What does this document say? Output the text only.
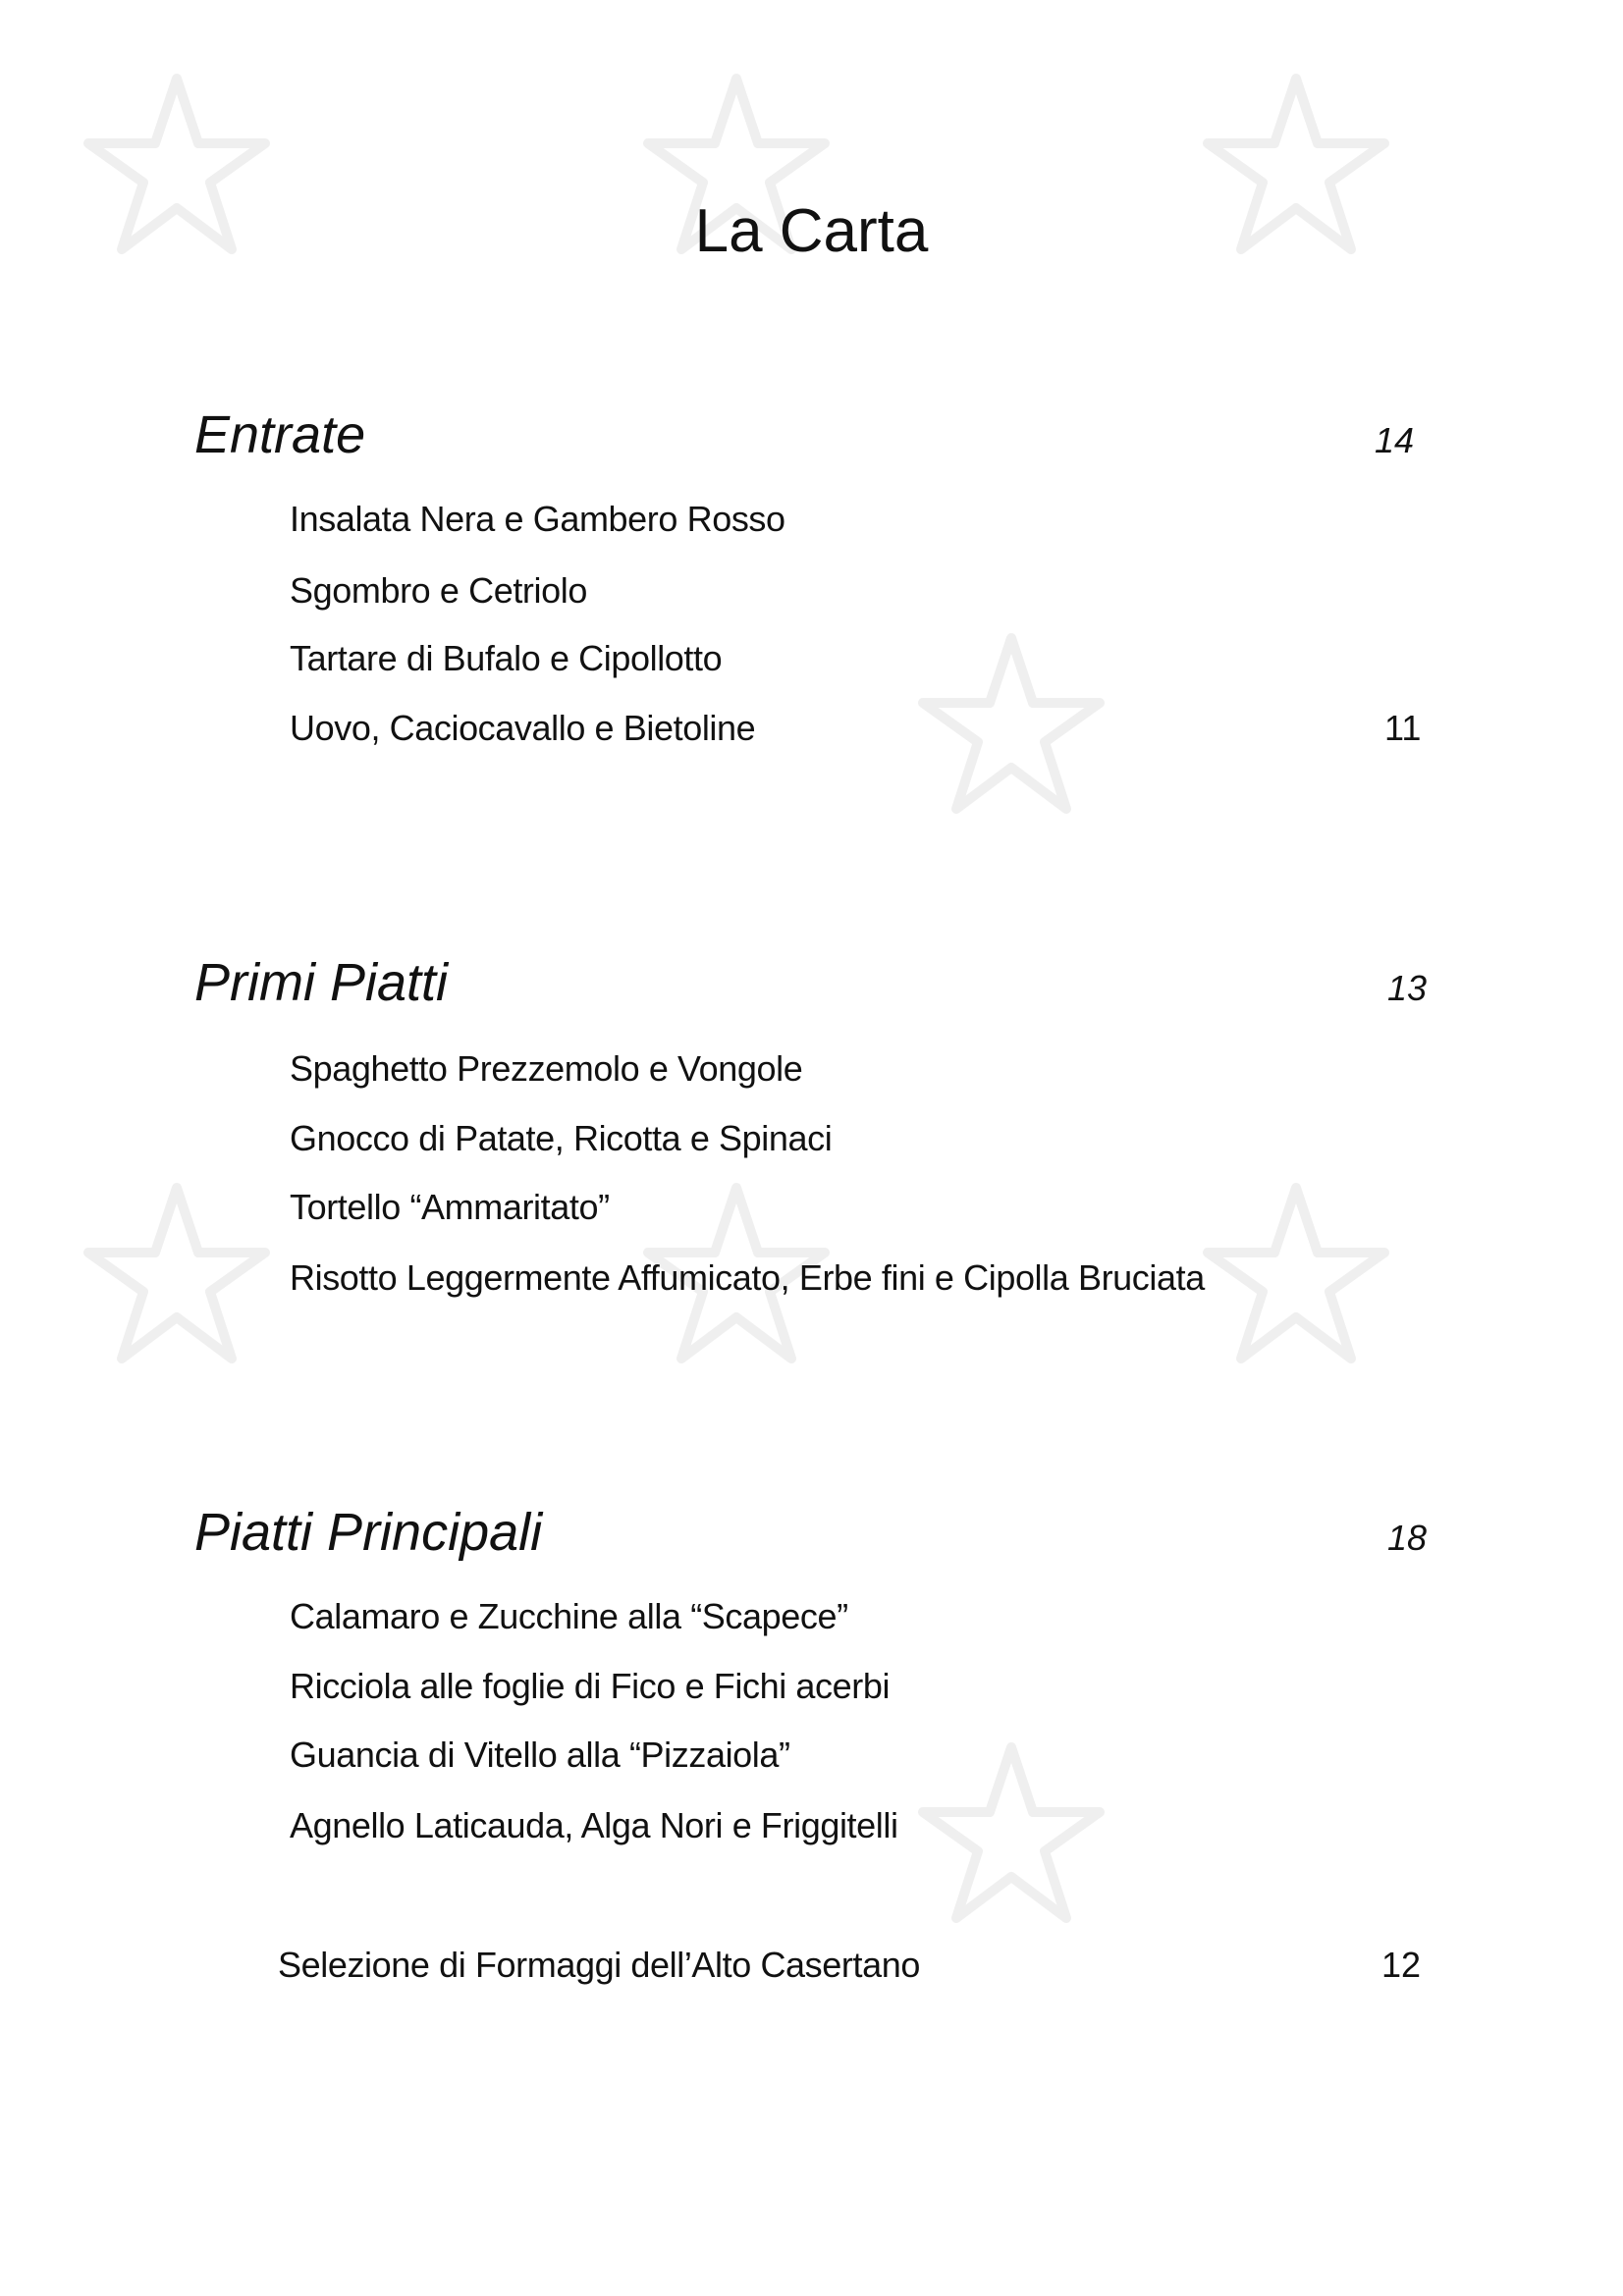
La Carta
Entrate	14
Insalata Nera e Gambero Rosso
Sgombro e Cetriolo
Tartare di Bufalo e Cipollotto
Uovo, Caciocavallo e Bietoline	11
Primi Piatti	13
Spaghetto Prezzemolo e Vongole
Gnocco di Patate, Ricotta e Spinaci
Tortello “Ammaritato”
Risotto Leggermente Affumicato, Erbe fini e Cipolla Bruciata
Piatti Principali	18
Calamaro e Zucchine alla “Scapece”
Ricciola alle foglie di Fico e Fichi acerbi
Guancia di Vitello alla “Pizzaiola”
Agnello Laticauda, Alga Nori e Friggitelli
Selezione di Formaggi dell’Alto Casertano	12
